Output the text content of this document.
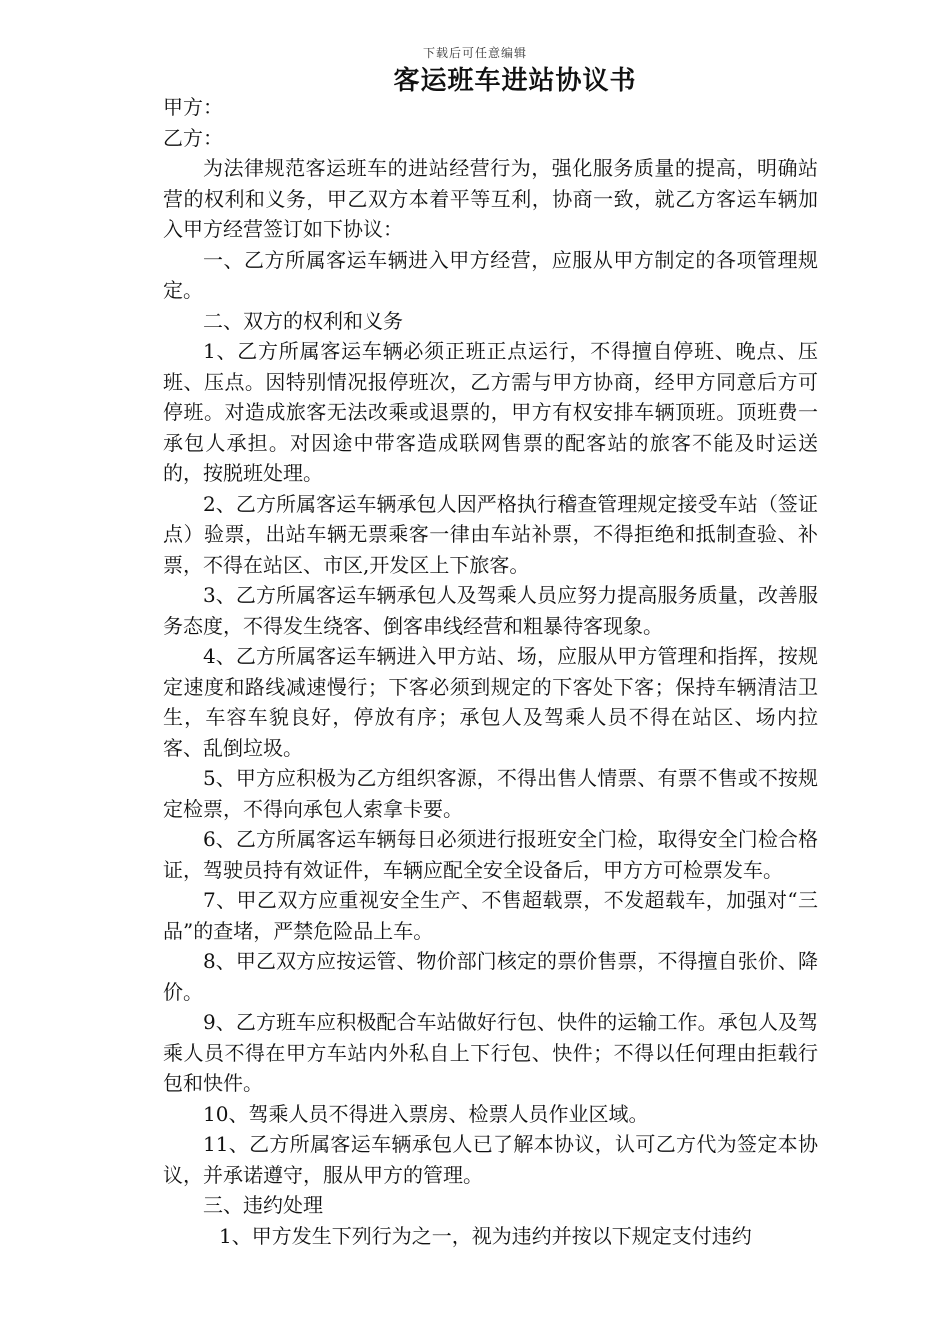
下载后可任意编辑
客运班车进站协议书

甲方：

乙方：

为法律规范客运班车的进站经营行为，强化服务质量的提高，明确站营的权利和义务，甲乙双方本着平等互利，协商一致，就乙方客运车辆加入甲方经营签订如下协议：

一、乙方所属客运车辆进入甲方经营，应服从甲方制定的各项管理规定。

二、双方的权利和义务

1、乙方所属客运车辆必须正班正点运行，不得擅自停班、晚点、压班、压点。因特别情况报停班次，乙方需与甲方协商，经甲方同意后方可停班。对造成旅客无法改乘或退票的，甲方有权安排车辆顶班。顶班费一承包人承担。对因途中带客造成联网售票的配客站的旅客不能及时运送的，按脱班处理。

2、乙方所属客运车辆承包人因严格执行稽查管理规定接受车站（签证点）验票，出站车辆无票乘客一律由车站补票，不得拒绝和抵制查验、补票，不得在站区、市区,开发区上下旅客。

3、乙方所属客运车辆承包人及驾乘人员应努力提高服务质量，改善服务态度，不得发生绕客、倒客串线经营和粗暴待客现象。

4、乙方所属客运车辆进入甲方站、场，应服从甲方管理和指挥，按规定速度和路线减速慢行；下客必须到规定的下客处下客；保持车辆清洁卫生，车容车貌良好，停放有序；承包人及驾乘人员不得在站区、场内拉客、乱倒垃圾。

5、甲方应积极为乙方组织客源，不得出售人情票、有票不售或不按规定检票，不得向承包人索拿卡要。

6、乙方所属客运车辆每日必须进行报班安全门检，取得安全门检合格证，驾驶员持有效证件，车辆应配全安全设备后，甲方方可检票发车。

7、甲乙双方应重视安全生产、不售超载票，不发超载车，加强对“三品”的查堵，严禁危险品上车。

8、甲乙双方应按运管、物价部门核定的票价售票，不得擅自张价、降价。

9、乙方班车应积极配合车站做好行包、快件的运输工作。承包人及驾乘人员不得在甲方车站内外私自上下行包、快件；不得以任何理由拒载行包和快件。

10、驾乘人员不得进入票房、检票人员作业区域。

11、乙方所属客运车辆承包人已了解本协议，认可乙方代为签定本协议，并承诺遵守，服从甲方的管理。

三、违约处理

1、甲方发生下列行为之一，视为违约并按以下规定支付违约
